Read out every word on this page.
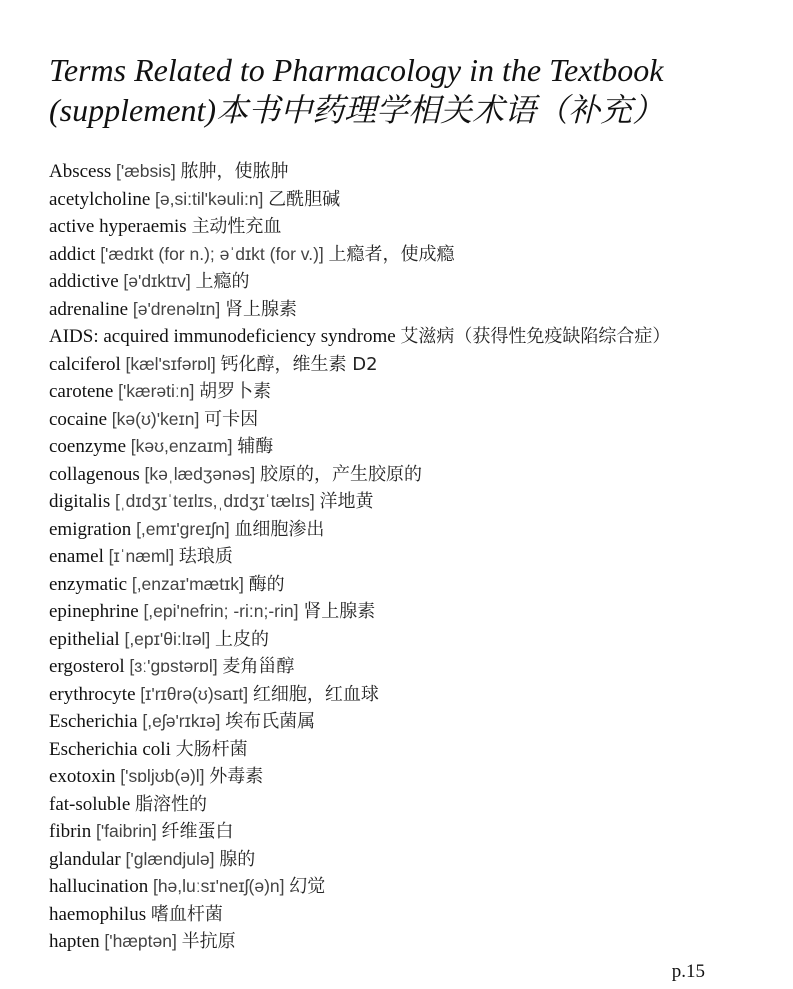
Terms Related to Pharmacology in the Textbook
(supplement)本书中药理学相关术语（补充）
Abscess ['æbsis] 脓肿，使脓肿
acetylcholine [ə,si:til'kəuli:n] 乙酰胆碱
active hyperaemis 主动性充血
addict ['ædɪkt (for n.); əˈdɪkt (for v.)] 上瘾者，使成瘾
addictive [ə'dɪktɪv] 上瘾的
adrenaline [ə'drenəlɪn] 肾上腺素
AIDS: acquired immunodeficiency syndrome 艾滋病（获得性免疫缺陷综合症）
calciferol [kæl'sɪfərɒl] 钙化醇，维生素 D2
carotene ['kærətiːn] 胡罗卜素
cocaine [kə(ʊ)'keɪn] 可卡因
coenzyme [kəʊ,enzaɪm] 辅酶
collagenous [kəˌlædʒənəs] 胶原的，产生胶原的
digitalis [ˌdɪdʒɪˈteɪlɪs,ˌdɪdʒɪˈtælɪs] 洋地黄
emigration [,emɪ'greɪʃn] 血细胞渗出
enamel [ɪˈnæml] 珐琅质
enzymatic [,enzaɪ'mætɪk] 酶的
epinephrine [,epi'nefrin; -ri:n;-rin] 肾上腺素
epithelial [,epɪ'θi:lɪəl] 上皮的
ergosterol [ɜː'gɒstərɒl] 麦角甾醇
erythrocyte [ɪ'rɪθrə(ʊ)saɪt] 红细胞，红血球
Escherichia [,eʃə'rɪkɪə] 埃布氏菌属
Escherichia coli 大肠杆菌
exotoxin ['sɒljʊb(ə)l] 外毒素
fat-soluble 脂溶性的
fibrin ['faibrin] 纤维蛋白
glandular ['glændjulə] 腺的
hallucination [hə,luːsɪ'neɪʃ(ə)n] 幻觉
haemophilus 嗜血杆菌
hapten ['hæptən] 半抗原
p.15
